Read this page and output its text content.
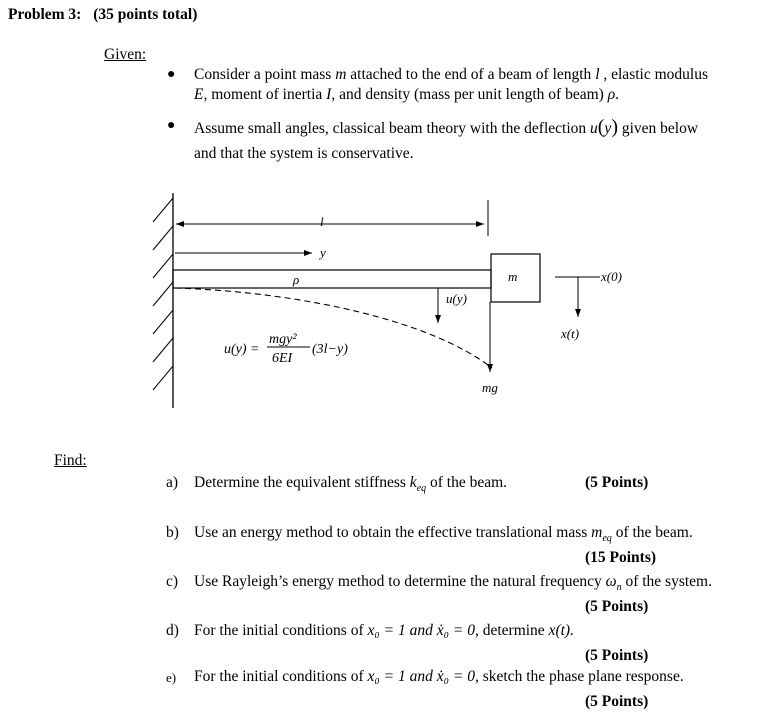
Problem 3: (35 points total)
Given:
● Consider a point mass m attached to the end of a beam of length l , elastic modulus
E, moment of inertia I, and density (mass per unit length of beam) ρ.
● Assume small angles, classical beam theory with the deflection u(y) given below
and that the system is conservative.
l
y
ρ	m
u(y)
mg
x(0)
x(t)
u(y) =
mgy²
6EI
(3l−y)
Find:
a) Determine the equivalent stiffness $k_{eq}$ of the beam.	(5 Points)
b) Use an energy method to obtain the effective translational mass $m_{eq}$ of the beam.
(15 Points)
c) Use Rayleigh’s energy method to determine the natural frequency $\omega_n$ of the system.
(5 Points)
d) For the initial conditions of x₀ = 1 and ẋ₀ = 0, determine x(t).
(5 Points)
e) For the initial conditions of x₀ = 1 and ẋ₀ = 0, sketch the phase plane response.
(5 Points)
